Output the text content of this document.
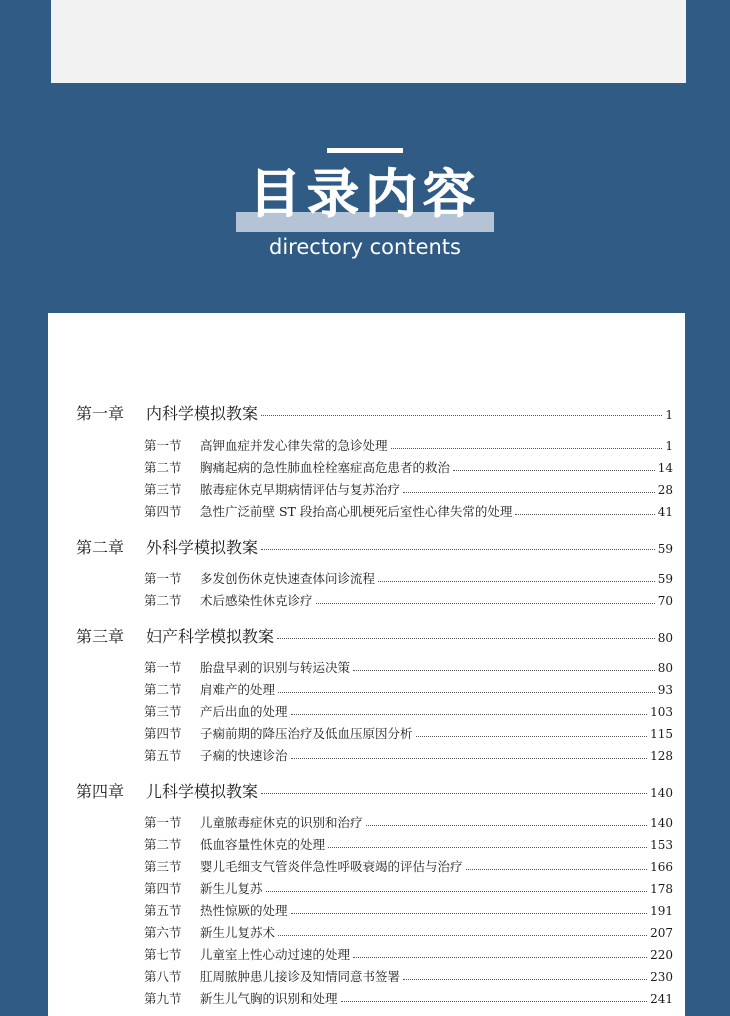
目录内容
directory contents
第一章	内科学模拟教案	1
第一节	高钾血症并发心律失常的急诊处理	1
第二节	胸痛起病的急性肺血栓栓塞症高危患者的救治	14
第三节	脓毒症休克早期病情评估与复苏治疗	28
第四节	急性广泛前壁 ST 段抬高心肌梗死后室性心律失常的处理	41
第二章	外科学模拟教案	59
第一节	多发创伤休克快速查体问诊流程	59
第二节	术后感染性休克诊疗	70
第三章	妇产科学模拟教案	80
第一节	胎盘早剥的识别与转运决策	80
第二节	肩难产的处理	93
第三节	产后出血的处理	103
第四节	子痫前期的降压治疗及低血压原因分析	115
第五节	子痫的快速诊治	128
第四章	儿科学模拟教案	140
第一节	儿童脓毒症休克的识别和治疗	140
第二节	低血容量性休克的处理	153
第三节	婴儿毛细支气管炎伴急性呼吸衰竭的评估与治疗	166
第四节	新生儿复苏	178
第五节	热性惊厥的处理	191
第六节	新生儿复苏术	207
第七节	儿童室上性心动过速的处理	220
第八节	肛周脓肿患儿接诊及知情同意书签署	230
第九节	新生儿气胸的识别和处理	241
